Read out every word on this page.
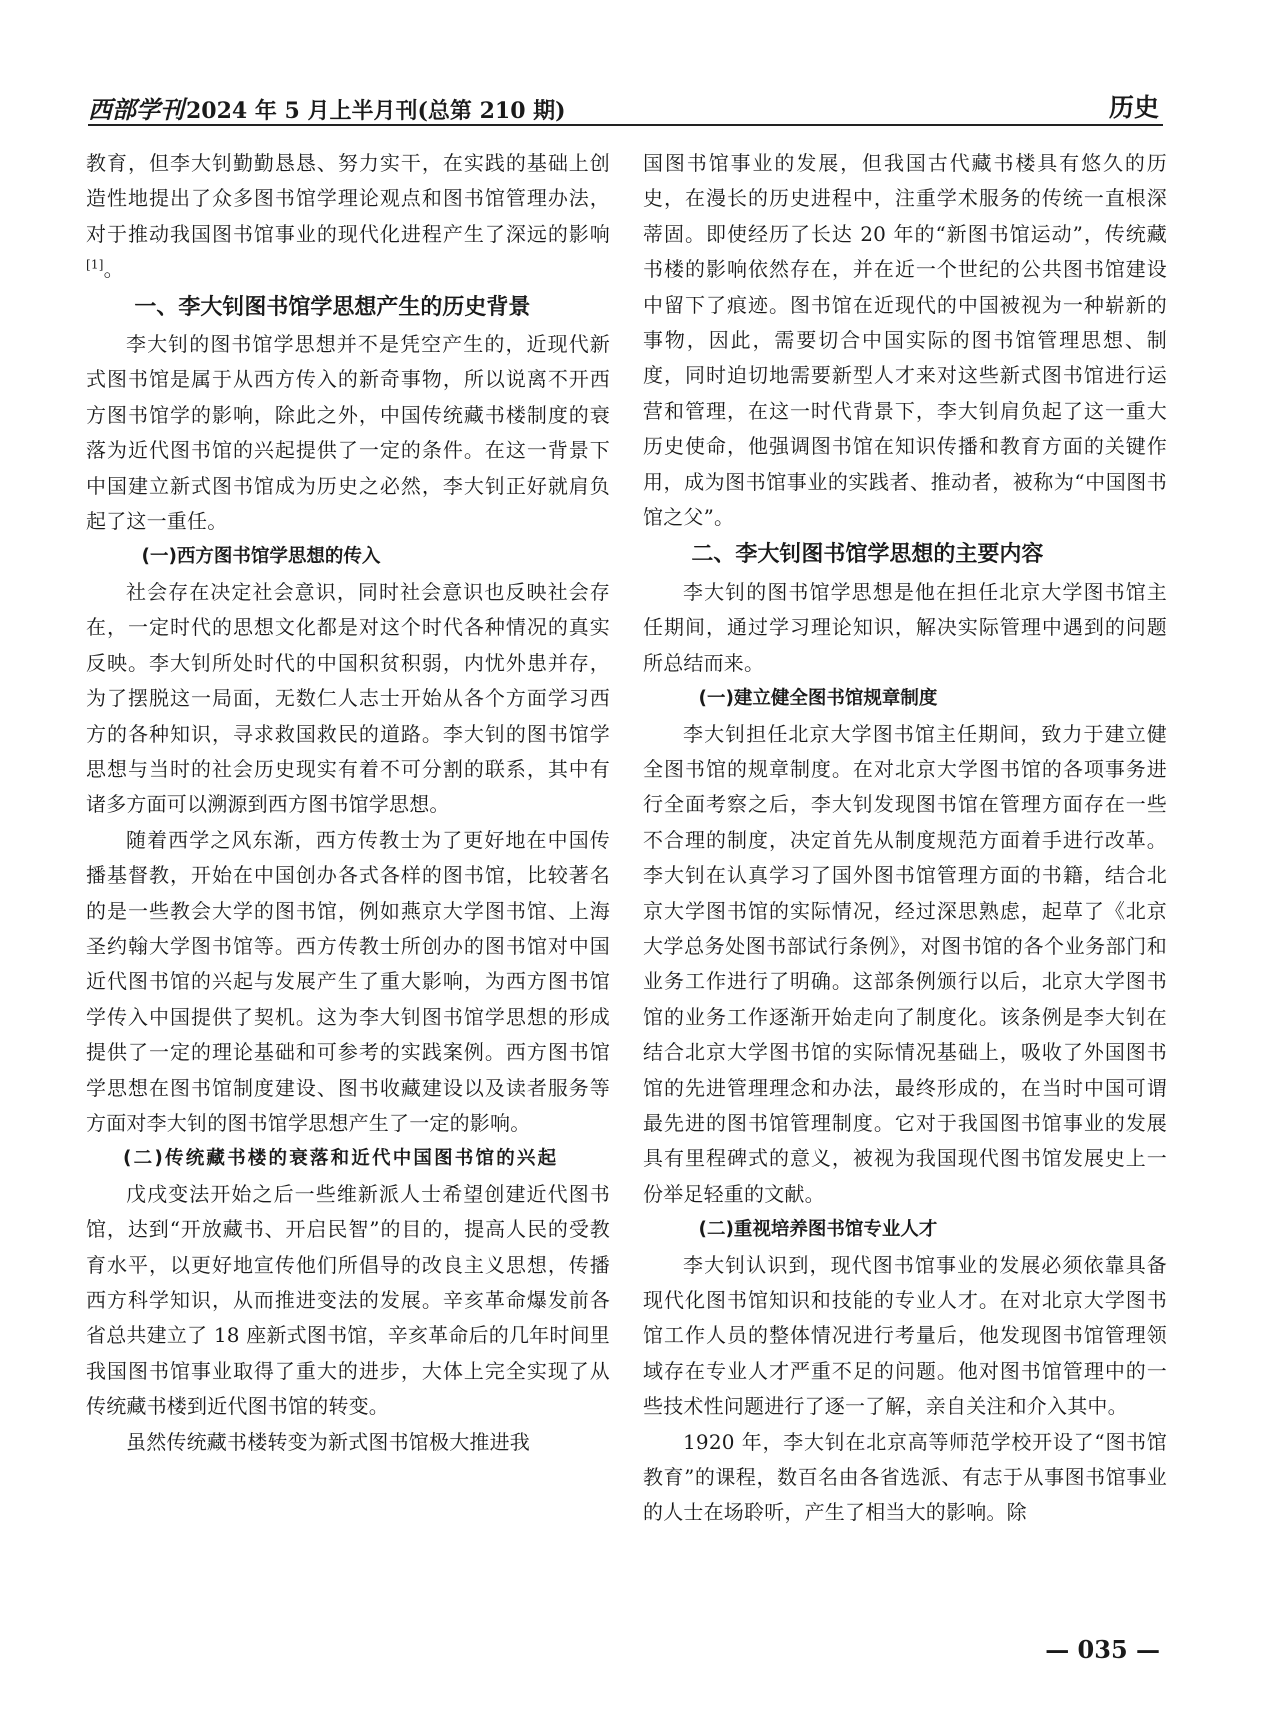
西部学刊2024 年 5 月上半月刊(总第 210 期)	历史

教育，但李大钊勤勤恳恳、努力实干，在实践的基础上创造性地提出了众多图书馆学理论观点和图书馆管理办法，对于推动我国图书馆事业的现代化进程产生了深远的影响[1]。

一、李大钊图书馆学思想产生的历史背景

李大钊的图书馆学思想并不是凭空产生的，近现代新式图书馆是属于从西方传入的新奇事物，所以说离不开西方图书馆学的影响，除此之外，中国传统藏书楼制度的衰落为近代图书馆的兴起提供了一定的条件。在这一背景下中国建立新式图书馆成为历史之必然，李大钊正好就肩负起了这一重任。

(一)西方图书馆学思想的传入

社会存在决定社会意识，同时社会意识也反映社会存在，一定时代的思想文化都是对这个时代各种情况的真实反映。李大钊所处时代的中国积贫积弱，内忧外患并存，为了摆脱这一局面，无数仁人志士开始从各个方面学习西方的各种知识，寻求救国救民的道路。李大钊的图书馆学思想与当时的社会历史现实有着不可分割的联系，其中有诸多方面可以溯源到西方图书馆学思想。

随着西学之风东渐，西方传教士为了更好地在中国传播基督教，开始在中国创办各式各样的图书馆，比较著名的是一些教会大学的图书馆，例如燕京大学图书馆、上海圣约翰大学图书馆等。西方传教士所创办的图书馆对中国近代图书馆的兴起与发展产生了重大影响，为西方图书馆学传入中国提供了契机。这为李大钊图书馆学思想的形成提供了一定的理论基础和可参考的实践案例。西方图书馆学思想在图书馆制度建设、图书收藏建设以及读者服务等方面对李大钊的图书馆学思想产生了一定的影响。

(二)传统藏书楼的衰落和近代中国图书馆的兴起

戊戌变法开始之后一些维新派人士希望创建近代图书馆，达到“开放藏书、开启民智”的目的，提高人民的受教育水平，以更好地宣传他们所倡导的改良主义思想，传播西方科学知识，从而推进变法的发展。辛亥革命爆发前各省总共建立了 18 座新式图书馆，辛亥革命后的几年时间里我国图书馆事业取得了重大的进步，大体上完全实现了从传统藏书楼到近代图书馆的转变。

虽然传统藏书楼转变为新式图书馆极大推进我

国图书馆事业的发展，但我国古代藏书楼具有悠久的历史，在漫长的历史进程中，注重学术服务的传统一直根深蒂固。即使经历了长达 20 年的“新图书馆运动”，传统藏书楼的影响依然存在，并在近一个世纪的公共图书馆建设中留下了痕迹。图书馆在近现代的中国被视为一种崭新的事物，因此，需要切合中国实际的图书馆管理思想、制度，同时迫切地需要新型人才来对这些新式图书馆进行运营和管理，在这一时代背景下，李大钊肩负起了这一重大历史使命，他强调图书馆在知识传播和教育方面的关键作用，成为图书馆事业的实践者、推动者，被称为“中国图书馆之父”。

二、李大钊图书馆学思想的主要内容

李大钊的图书馆学思想是他在担任北京大学图书馆主任期间，通过学习理论知识，解决实际管理中遇到的问题所总结而来。

(一)建立健全图书馆规章制度

李大钊担任北京大学图书馆主任期间，致力于建立健全图书馆的规章制度。在对北京大学图书馆的各项事务进行全面考察之后，李大钊发现图书馆在管理方面存在一些不合理的制度，决定首先从制度规范方面着手进行改革。李大钊在认真学习了国外图书馆管理方面的书籍，结合北京大学图书馆的实际情况，经过深思熟虑，起草了《北京大学总务处图书部试行条例》，对图书馆的各个业务部门和业务工作进行了明确。这部条例颁行以后，北京大学图书馆的业务工作逐渐开始走向了制度化。该条例是李大钊在结合北京大学图书馆的实际情况基础上，吸收了外国图书馆的先进管理理念和办法，最终形成的，在当时中国可谓最先进的图书馆管理制度。它对于我国图书馆事业的发展具有里程碑式的意义，被视为我国现代图书馆发展史上一份举足轻重的文献。

(二)重视培养图书馆专业人才

李大钊认识到，现代图书馆事业的发展必须依靠具备现代化图书馆知识和技能的专业人才。在对北京大学图书馆工作人员的整体情况进行考量后，他发现图书馆管理领域存在专业人才严重不足的问题。他对图书馆管理中的一些技术性问题进行了逐一了解，亲自关注和介入其中。

1920 年，李大钊在北京高等师范学校开设了“图书馆教育”的课程，数百名由各省选派、有志于从事图书馆事业的人士在场聆听，产生了相当大的影响。除

— 035 —
